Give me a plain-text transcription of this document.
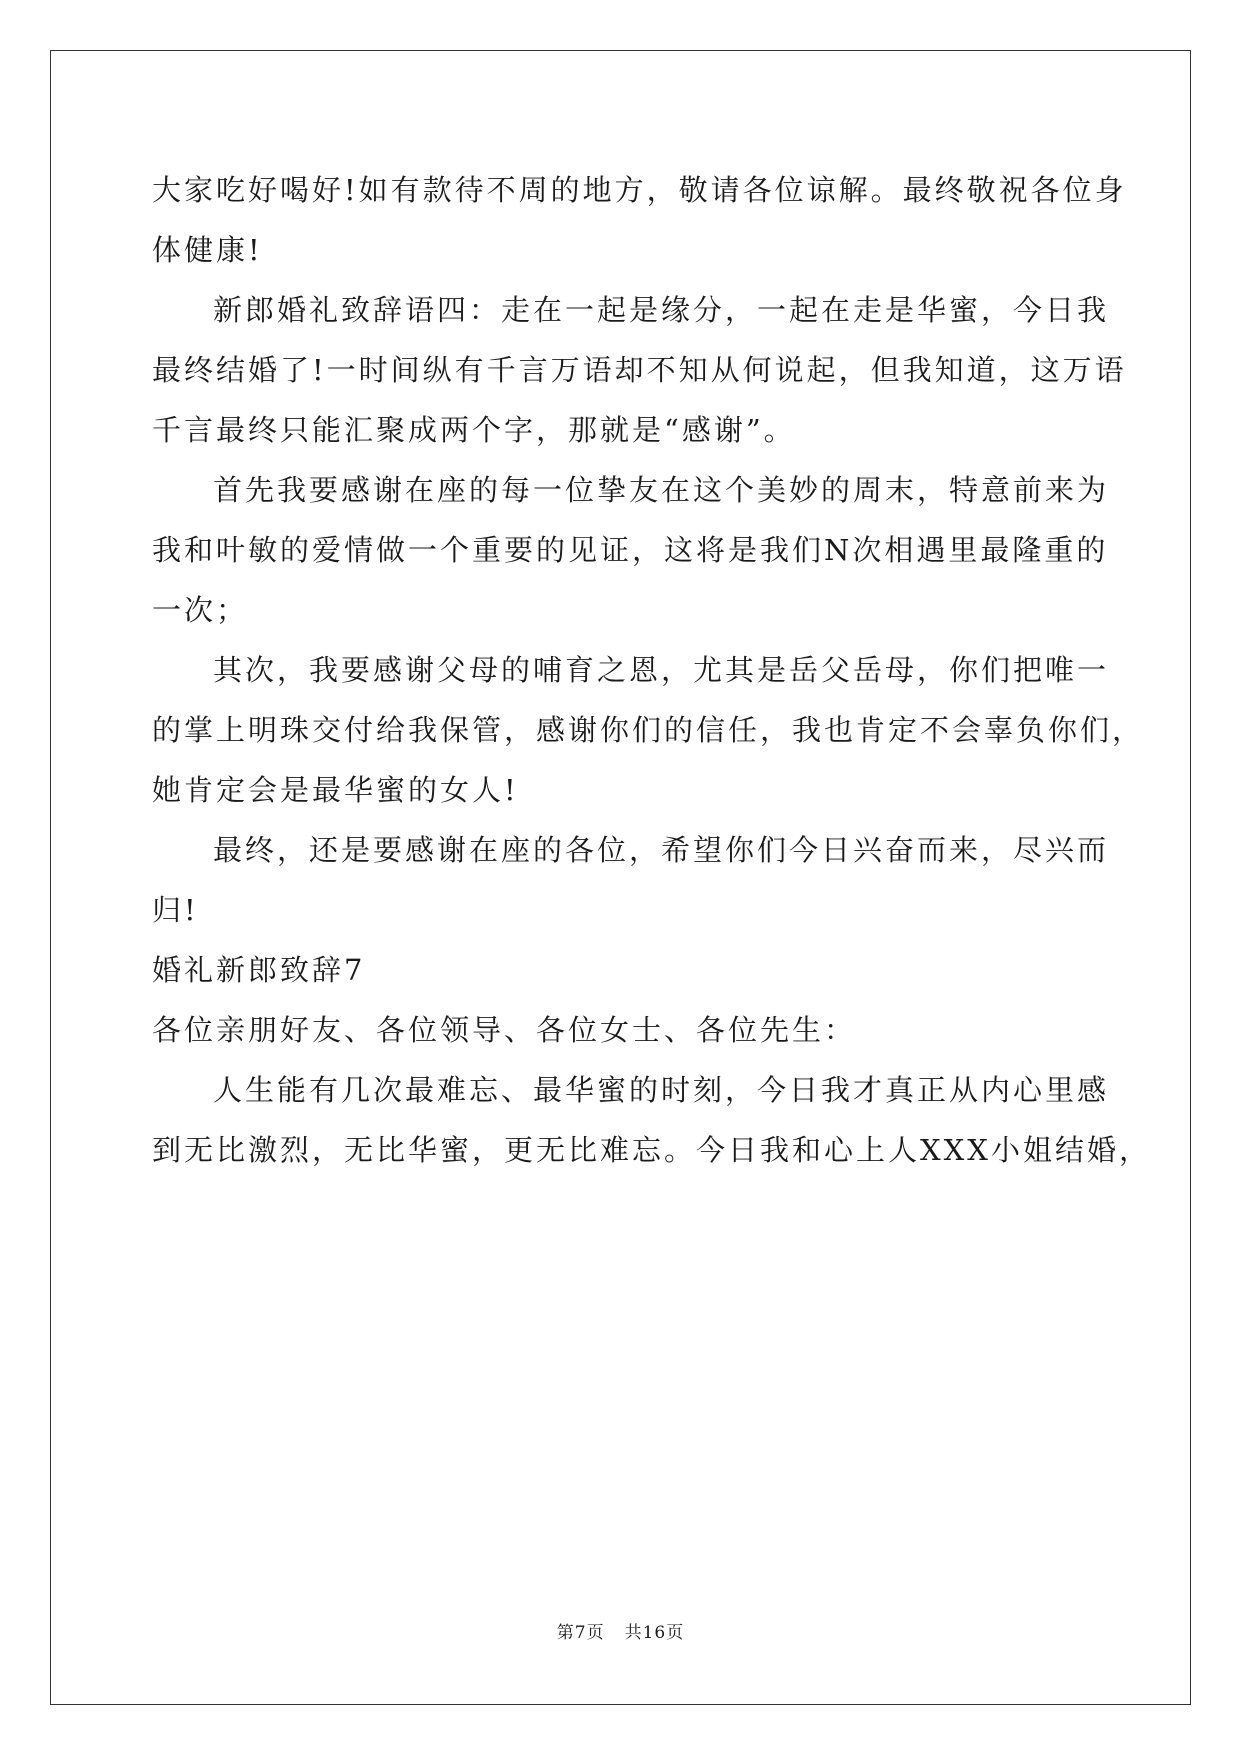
大家吃好喝好!如有款待不周的地方，敬请各位谅解。最终敬祝各位身
体健康!
新郎婚礼致辞语四：走在一起是缘分，一起在走是华蜜，今日我
最终结婚了!一时间纵有千言万语却不知从何说起，但我知道，这万语
千言最终只能汇聚成两个字，那就是“感谢”。
首先我要感谢在座的每一位挚友在这个美妙的周末，特意前来为
我和叶敏的爱情做一个重要的见证，这将是我们N次相遇里最隆重的
一次；
其次，我要感谢父母的哺育之恩，尤其是岳父岳母，你们把唯一
的掌上明珠交付给我保管，感谢你们的信任，我也肯定不会辜负你们，
她肯定会是最华蜜的女人!
最终，还是要感谢在座的各位，希望你们今日兴奋而来，尽兴而
归!
婚礼新郎致辞7
各位亲朋好友、各位领导、各位女士、各位先生：
人生能有几次最难忘、最华蜜的时刻，今日我才真正从内心里感
到无比激烈，无比华蜜，更无比难忘。今日我和心上人XXX小姐结婚，
第7页 共16页
